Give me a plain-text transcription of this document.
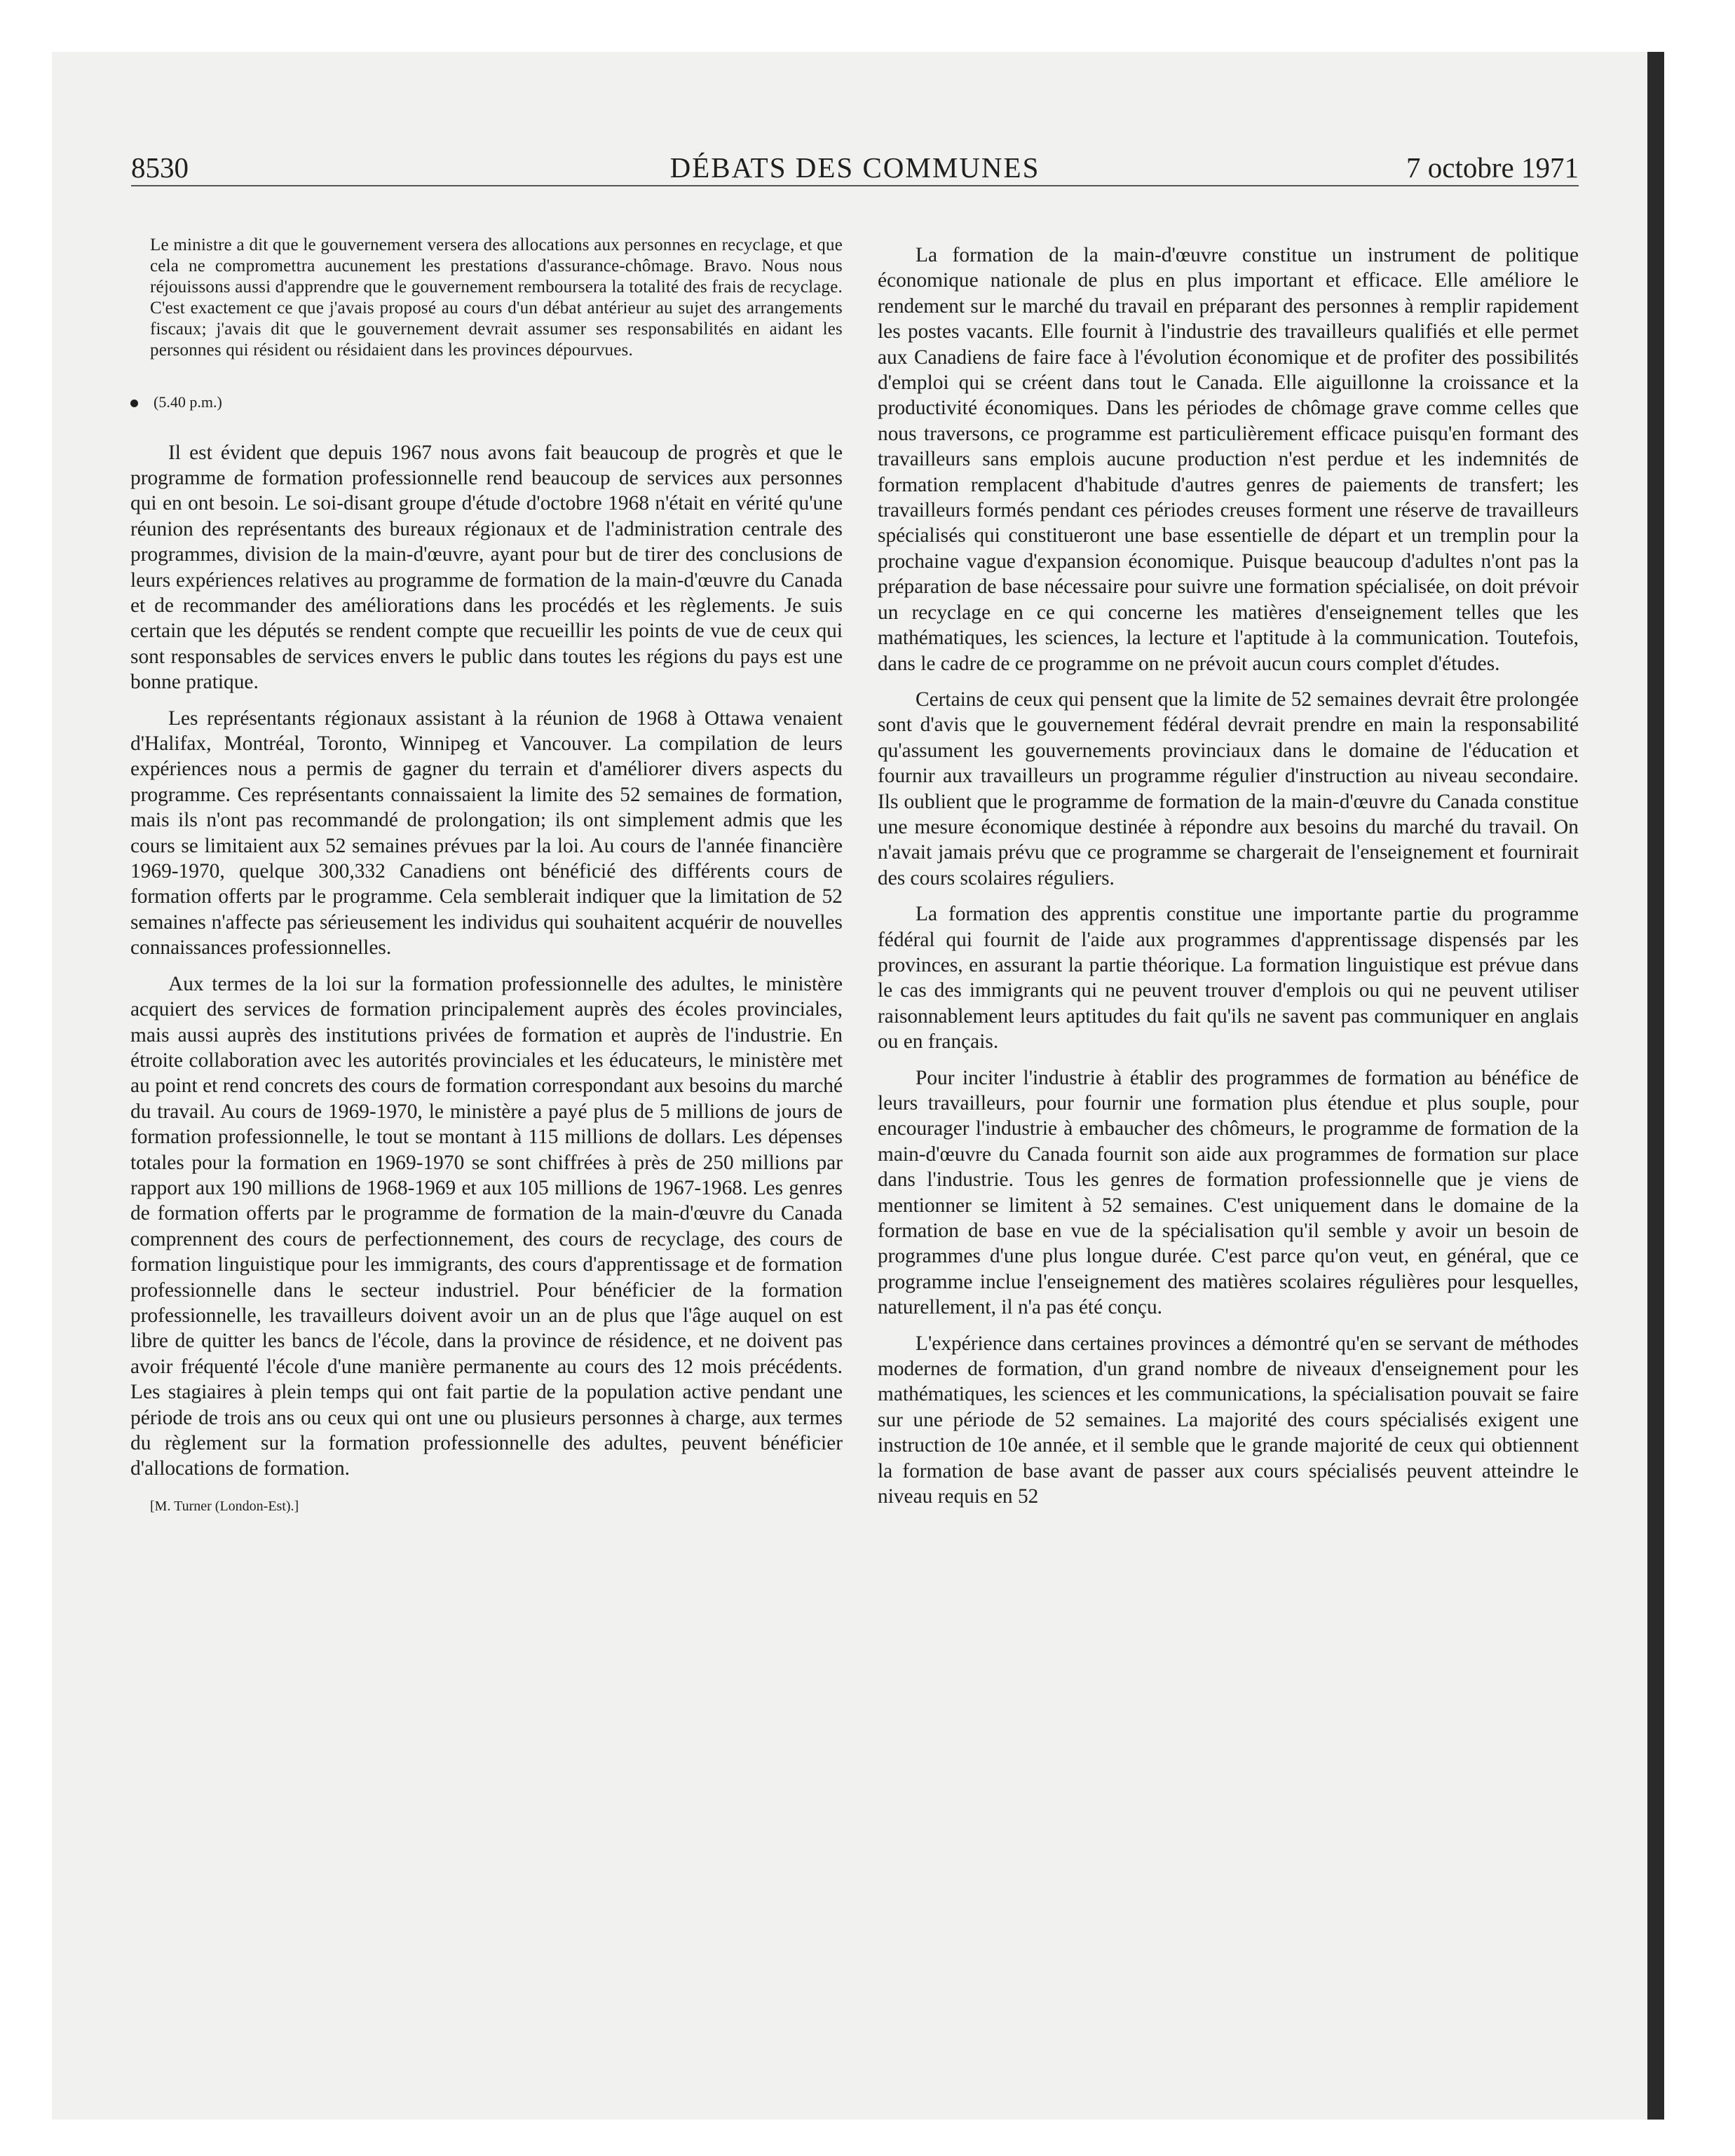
8530	DÉBATS DES COMMUNES	7 octobre 1971

Le ministre a dit que le gouvernement versera des allocations aux personnes en recyclage, et que cela ne compromettra aucunement les prestations d'assurance-chômage. Bravo. Nous nous réjouissons aussi d'apprendre que le gouvernement remboursera la totalité des frais de recyclage. C'est exactement ce que j'avais proposé au cours d'un débat antérieur au sujet des arrangements fiscaux; j'avais dit que le gouvernement devrait assumer ses responsabilités en aidant les personnes qui résident ou résidaient dans les provinces dépourvues.

(5.40 p.m.)

Il est évident que depuis 1967 nous avons fait beaucoup de progrès et que le programme de formation professionnelle rend beaucoup de services aux personnes qui en ont besoin. Le soi-disant groupe d'étude d'octobre 1968 n'était en vérité qu'une réunion des représentants des bureaux régionaux et de l'administration centrale des programmes, division de la main-d'œuvre, ayant pour but de tirer des conclusions de leurs expériences relatives au programme de formation de la main-d'œuvre du Canada et de recommander des améliorations dans les procédés et les règlements. Je suis certain que les députés se rendent compte que recueillir les points de vue de ceux qui sont responsables de services envers le public dans toutes les régions du pays est une bonne pratique.

Les représentants régionaux assistant à la réunion de 1968 à Ottawa venaient d'Halifax, Montréal, Toronto, Winnipeg et Vancouver. La compilation de leurs expériences nous a permis de gagner du terrain et d'améliorer divers aspects du programme. Ces représentants connaissaient la limite des 52 semaines de formation, mais ils n'ont pas recommandé de prolongation; ils ont simplement admis que les cours se limitaient aux 52 semaines prévues par la loi. Au cours de l'année financière 1969-1970, quelque 300,332 Canadiens ont bénéficié des différents cours de formation offerts par le programme. Cela semblerait indiquer que la limitation de 52 semaines n'affecte pas sérieusement les individus qui souhaitent acquérir de nouvelles connaissances professionnelles.

Aux termes de la loi sur la formation professionnelle des adultes, le ministère acquiert des services de formation principalement auprès des écoles provinciales, mais aussi auprès des institutions privées de formation et auprès de l'industrie. En étroite collaboration avec les autorités provinciales et les éducateurs, le ministère met au point et rend concrets des cours de formation correspondant aux besoins du marché du travail. Au cours de 1969-1970, le ministère a payé plus de 5 millions de jours de formation professionnelle, le tout se montant à 115 millions de dollars. Les dépenses totales pour la formation en 1969-1970 se sont chiffrées à près de 250 millions par rapport aux 190 millions de 1968-1969 et aux 105 millions de 1967-1968. Les genres de formation offerts par le programme de formation de la main-d'œuvre du Canada comprennent des cours de perfectionnement, des cours de recyclage, des cours de formation linguistique pour les immigrants, des cours d'apprentissage et de formation professionnelle dans le secteur industriel. Pour bénéficier de la formation professionnelle, les travailleurs doivent avoir un an de plus que l'âge auquel on est libre de quitter les bancs de l'école, dans la province de résidence, et ne doivent pas avoir fréquenté l'école d'une manière permanente au cours des 12 mois précédents. Les stagiaires à plein temps qui ont fait partie de la population active pendant une période de trois ans ou ceux qui ont une ou plusieurs personnes à charge, aux termes du règlement sur la formation professionnelle des adultes, peuvent bénéficier d'allocations de formation.

[M. Turner (London-Est).]

La formation de la main-d'œuvre constitue un instrument de politique économique nationale de plus en plus important et efficace. Elle améliore le rendement sur le marché du travail en préparant des personnes à remplir rapidement les postes vacants. Elle fournit à l'industrie des travailleurs qualifiés et elle permet aux Canadiens de faire face à l'évolution économique et de profiter des possibilités d'emploi qui se créent dans tout le Canada. Elle aiguillonne la croissance et la productivité économiques. Dans les périodes de chômage grave comme celles que nous traversons, ce programme est particulièrement efficace puisqu'en formant des travailleurs sans emplois aucune production n'est perdue et les indemnités de formation remplacent d'habitude d'autres genres de paiements de transfert; les travailleurs formés pendant ces périodes creuses forment une réserve de travailleurs spécialisés qui constitueront une base essentielle de départ et un tremplin pour la prochaine vague d'expansion économique. Puisque beaucoup d'adultes n'ont pas la préparation de base nécessaire pour suivre une formation spécialisée, on doit prévoir un recyclage en ce qui concerne les matières d'enseignement telles que les mathématiques, les sciences, la lecture et l'aptitude à la communication. Toutefois, dans le cadre de ce programme on ne prévoit aucun cours complet d'études.

Certains de ceux qui pensent que la limite de 52 semaines devrait être prolongée sont d'avis que le gouvernement fédéral devrait prendre en main la responsabilité qu'assument les gouvernements provinciaux dans le domaine de l'éducation et fournir aux travailleurs un programme régulier d'instruction au niveau secondaire. Ils oublient que le programme de formation de la main-d'œuvre du Canada constitue une mesure économique destinée à répondre aux besoins du marché du travail. On n'avait jamais prévu que ce programme se chargerait de l'enseignement et fournirait des cours scolaires réguliers.

La formation des apprentis constitue une importante partie du programme fédéral qui fournit de l'aide aux programmes d'apprentissage dispensés par les provinces, en assurant la partie théorique. La formation linguistique est prévue dans le cas des immigrants qui ne peuvent trouver d'emplois ou qui ne peuvent utiliser raisonnablement leurs aptitudes du fait qu'ils ne savent pas communiquer en anglais ou en français.

Pour inciter l'industrie à établir des programmes de formation au bénéfice de leurs travailleurs, pour fournir une formation plus étendue et plus souple, pour encourager l'industrie à embaucher des chômeurs, le programme de formation de la main-d'œuvre du Canada fournit son aide aux programmes de formation sur place dans l'industrie. Tous les genres de formation professionnelle que je viens de mentionner se limitent à 52 semaines. C'est uniquement dans le domaine de la formation de base en vue de la spécialisation qu'il semble y avoir un besoin de programmes d'une plus longue durée. C'est parce qu'on veut, en général, que ce programme inclue l'enseignement des matières scolaires régulières pour lesquelles, naturellement, il n'a pas été conçu.

L'expérience dans certaines provinces a démontré qu'en se servant de méthodes modernes de formation, d'un grand nombre de niveaux d'enseignement pour les mathématiques, les sciences et les communications, la spécialisation pouvait se faire sur une période de 52 semaines. La majorité des cours spécialisés exigent une instruction de 10e année, et il semble que le grande majorité de ceux qui obtiennent la formation de base avant de passer aux cours spécialisés peuvent atteindre le niveau requis en 52
